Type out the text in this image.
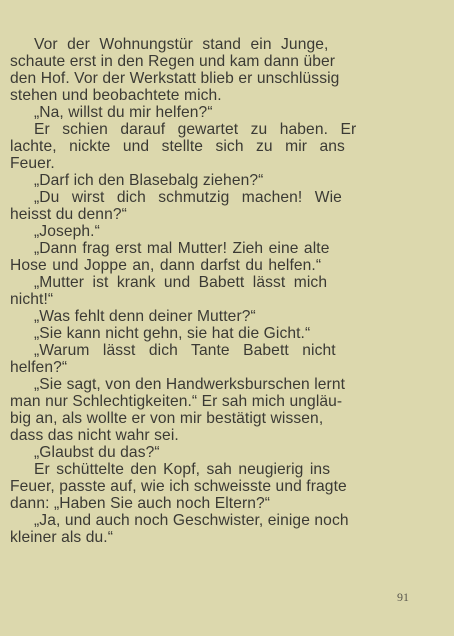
Vor der Wohnungstür stand ein Junge,
schaute erst in den Regen und kam dann über
den Hof. Vor der Werkstatt blieb er unschlüssig
stehen und beobachtete mich.
„Na, willst du mir helfen?“
Er schien darauf gewartet zu haben. Er
lachte, nickte und stellte sich zu mir ans
Feuer.
„Darf ich den Blasebalg ziehen?“
„Du wirst dich schmutzig machen! Wie
heisst du denn?“
„Joseph.“
„Dann frag erst mal Mutter! Zieh eine alte
Hose und Joppe an, dann darfst du helfen.“
„Mutter ist krank und Babett lässt mich
nicht!“
„Was fehlt denn deiner Mutter?“
„Sie kann nicht gehn, sie hat die Gicht.“
„Warum lässt dich Tante Babett nicht
helfen?“
„Sie sagt, von den Handwerksburschen lernt
man nur Schlechtigkeiten.“ Er sah mich ungläu-
big an, als wollte er von mir bestätigt wissen,
dass das nicht wahr sei.
„Glaubst du das?“
Er schüttelte den Kopf, sah neugierig ins
Feuer, passte auf, wie ich schweisste und fragte
dann: „Haben Sie auch noch Eltern?“
„Ja, und auch noch Geschwister, einige noch
kleiner als du.“
91
